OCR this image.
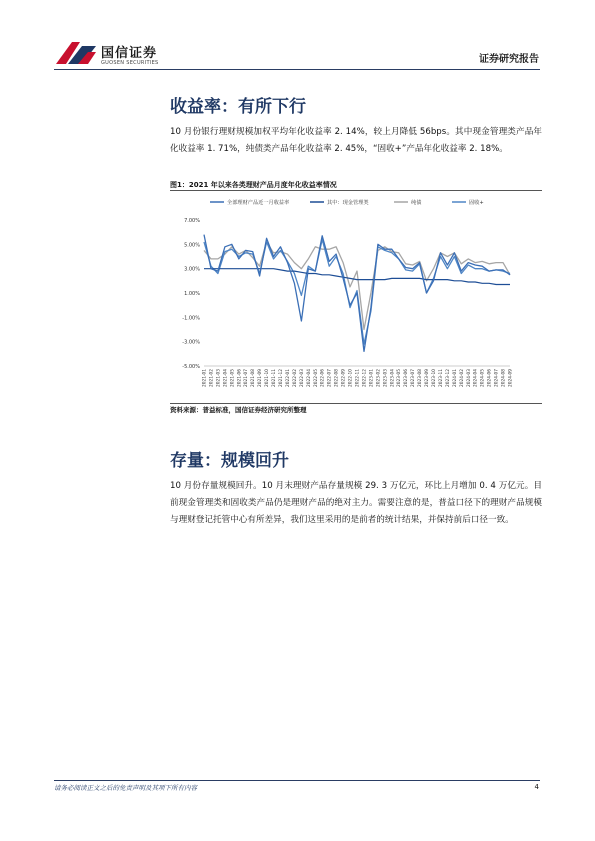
国信证券
GUOSEN SECURITIES	证券研究报告
收益率：有所下行
10 月份银行理财规模加权平均年化收益率 2. 14%，较上月降低 56bps。其中现金管理类产品年化收益率 1. 71%，纯债类产品年化收益率 2. 45%，“固收+”产品年化收益率 2. 18%。
图1：2021 年以来各类理财产品月度年化收益率情况
全部理财产品近一月收益率	其中：现金管理类	纯债	固收+
7.00%
5.00%
3.00%
1.00%
-1.00%
-3.00%
-5.00%
2021-01 2021-02 2021-03 2021-04 2021-05 2021-06 2021-07 2021-08 2021-09 2021-10 2021-11 2021-12 2022-01 2022-02 2022-03 2022-04 2022-05 2022-06 2022-07 2022-08 2022-09 2022-10 2022-11 2022-12 2023-01 2023-02 2023-03 2023-04 2023-05 2023-06 2023-07 2023-08 2023-09 2023-10 2023-11 2023-12 2024-01 2024-02 2024-03 2024-04 2024-05 2024-06 2024-07 2024-08 2024-09
资料来源：普益标准，国信证券经济研究所整理
存量：规模回升
10 月份存量规模回升。10 月末理财产品存量规模 29. 3 万亿元，环比上月增加 0. 4 万亿元。目前现金管理类和固收类产品仍是理财产品的绝对主力。需要注意的是，普益口径下的理财产品规模与理财登记托管中心有所差异，我们这里采用的是前者的统计结果，并保持前后口径一致。
请务必阅读正文之后的免责声明及其项下所有内容	4
